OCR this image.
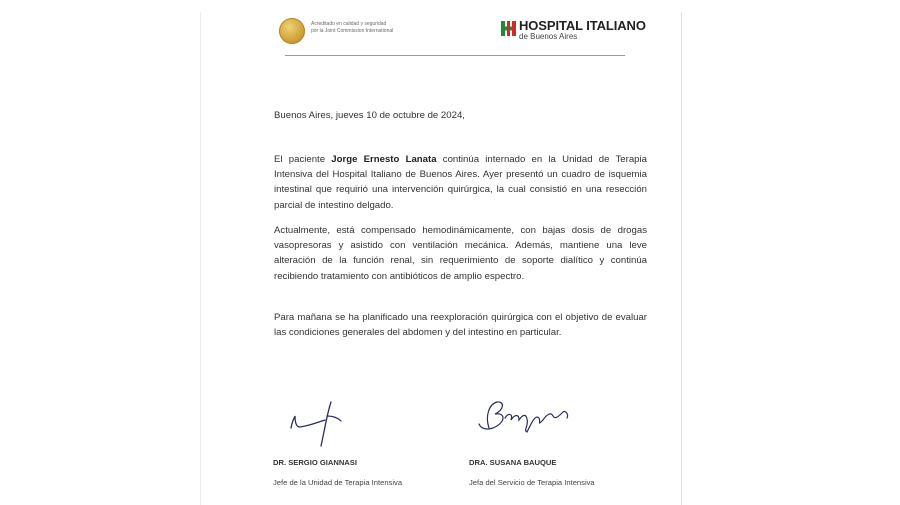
Acreditado en calidad y seguridad
por la Joint Commission International	HOSPITAL ITALIANO
de Buenos Aires

Buenos Aires, jueves 10 de octubre de 2024,

El paciente Jorge Ernesto Lanata continúa internado en la Unidad de Terapia Intensiva del Hospital Italiano de Buenos Aires. Ayer presentó un cuadro de isquemia intestinal que requirió una intervención quirúrgica, la cual consistió en una resección parcial de intestino delgado.

Actualmente, está compensado hemodinámicamente, con bajas dosis de drogas vasopresoras y asistido con ventilación mecánica. Además, mantiene una leve alteración de la función renal, sin requerimiento de soporte dialítico y continúa recibiendo tratamiento con antibióticos de amplio espectro.

Para mañana se ha planificado una reexploración quirúrgica con el objetivo de evaluar las condiciones generales del abdomen y del intestino en particular.

DR. SERGIO GIANNASI
Jefe de la Unidad de Terapia Intensiva
DRA. SUSANA BAUQUE
Jefa del Servicio de Terapia Intensiva
